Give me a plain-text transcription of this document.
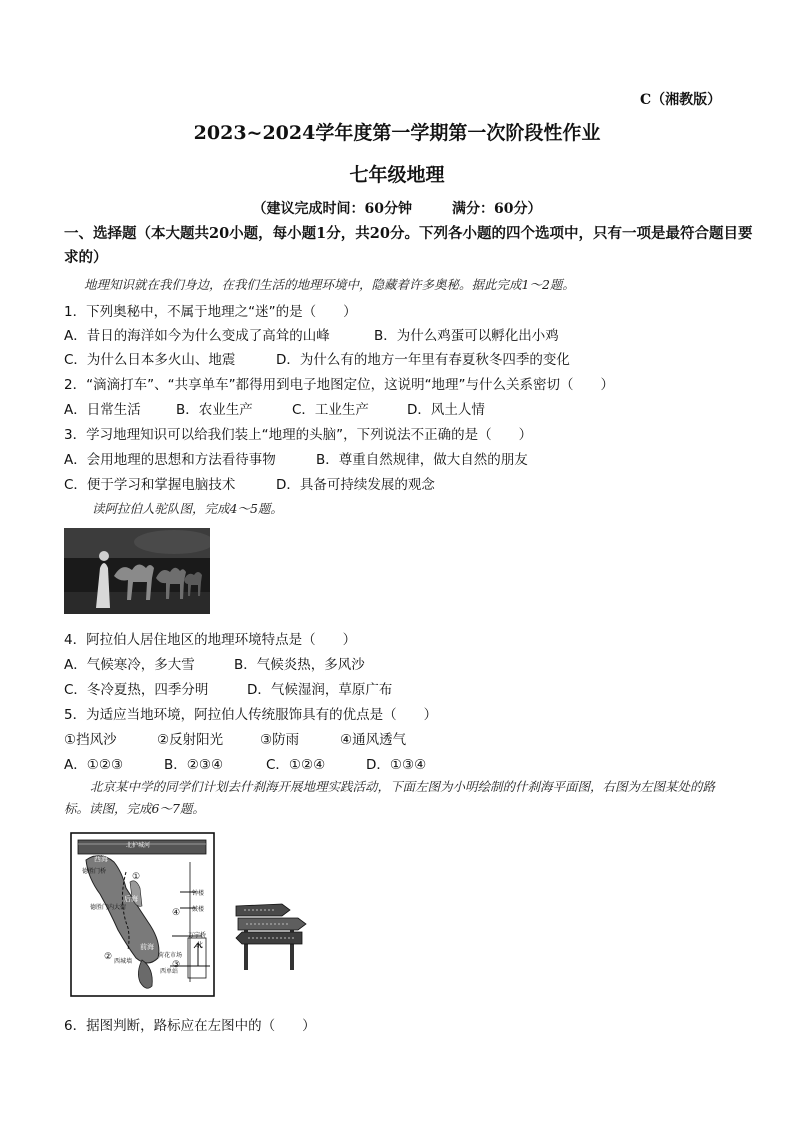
C（湘教版）
2023~2024学年度第一学期第一次阶段性作业
七年级地理
（建议完成时间：60分钟	满分：60分）
一、选择题（本大题共20小题，每小题1分，共20分。下列各小题的四个选项中，只有一项是最符合题目要求的）
地理知识就在我们身边，在我们生活的地理环境中，隐藏着许多奥秘。据此完成1～2题。
1．下列奥秘中，不属于地理之“迷”的是（　　）
A．昔日的海洋如今为什么变成了高耸的山峰	B．为什么鸡蛋可以孵化出小鸡
C．为什么日本多火山、地震	D．为什么有的地方一年里有春夏秋冬四季的变化
2．“滴滴打车”、“共享单车”都得用到电子地图定位，这说明“地理”与什么关系密切（　　）
A．日常生活	B．农业生产	C．工业生产	D．风土人情
3．学习地理知识可以给我们装上“地理的头脑”，下列说法不正确的是（　　）
A．会用地理的思想和方法看待事物	B．尊重自然规律，做大自然的朋友
C．便于学习和掌握电脑技术	D．具备可持续发展的观念
读阿拉伯人驼队图，完成4～5题。
4．阿拉伯人居住地区的地理环境特点是（　　）
A．气候寒冷，多大雪	B．气候炎热，多风沙
C．冬冷夏热，四季分明	D．气候湿润，草原广布
5．为适应当地环境，阿拉伯人传统服饰具有的优点是（　　）
①挡风沙	②反射阳光	③防雨	④通风透气
A．①②③	B．②③④	C．①②④	D．①③④
北京某中学的同学们计划去什刹海开展地理实践活动，下面左图为小明绘制的什刹海平面图，右图为左图某处的路标。读图，完成6～7题。
北护城河
德胜门桥
德胜门内大街
钟楼
鼓楼
万宁桥
西海
后海
前海
荷花市场
西城墙
西单站
北
①
②
③
④
6．据图判断，路标应在左图中的（　　）
